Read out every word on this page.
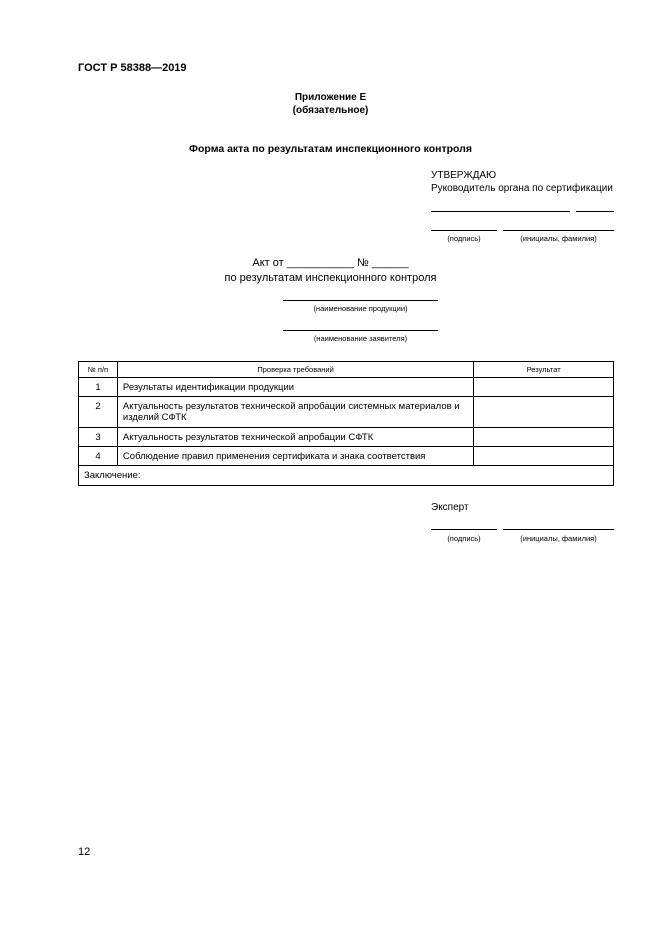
ГОСТ Р 58388—2019
Приложение Е
(обязательное)
Форма акта по результатам инспекционного контроля
УТВЕРЖДАЮ
Руководитель органа по сертификации
(подпись)	(инициалы, фамилия)
Акт от ___________ № ______
по результатам инспекционного контроля
(наименование продукции)
(наименование заявителя)
№ п/п	Проверка требований	Результат
1	Результаты идентификации продукции	
2	Актуальность результатов технической апробации системных материалов и изделий СФТК	
3	Актуальность результатов технической апробации СФТК	
4	Соблюдение правил применения сертификата и знака соответствия	
Заключение:		
Эксперт
(подпись)	(инициалы, фамилия)
12
